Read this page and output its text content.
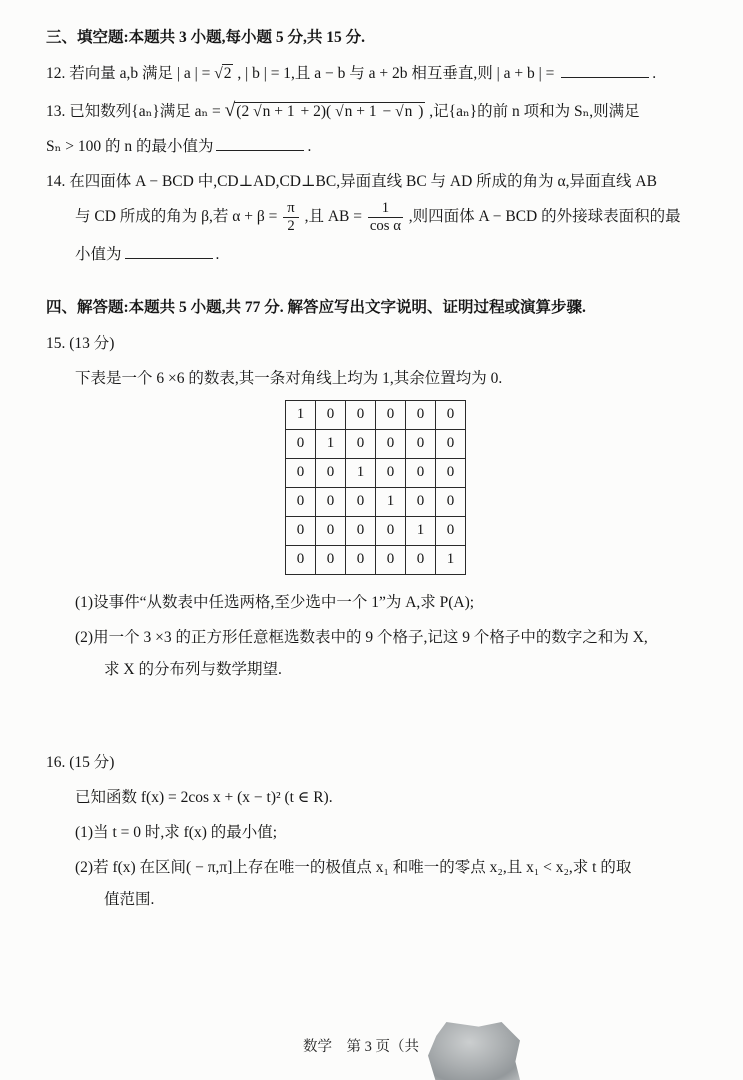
三、填空题:本题共 3 小题,每小题 5 分,共 15 分.

12. 若向量 a,b 满足 | a | = √2 , | b | = 1,且 a − b 与 a + 2b 相互垂直,则 | a + b | =	.

13. 已知数列{aₙ}满足 aₙ = √(2 √n + 1 + 2)( √n + 1 − √n ) ,记{aₙ}的前 n 项和为 Sₙ,则满足

Sₙ > 100 的 n 的最小值为	.

14. 在四面体 A − BCD 中,CD⊥AD,CD⊥BC,异面直线 BC 与 AD 所成的角为 α,异面直线 AB

与 CD 所成的角为 β,若 $\alpha + \beta = \frac{\pi}{2}$ ,且 AB = $\frac{1}{\text{cos α}}$ ,则四面体 A − BCD 的外接球表面积的最

小值为	.

四、解答题:本题共 5 小题,共 77 分. 解答应写出文字说明、证明过程或演算步骤.

15. (13 分)

下表是一个 6 ×6 的数表,其一条对角线上均为 1,其余位置均为 0.

1	0	0	0	0	0
0	1	0	0	0	0
0	0	1	0	0	0
0	0	0	1	0	0
0	0	0	0	1	0
0	0	0	0	0	1

(1)设事件“从数表中任选两格,至少选中一个 1”为 A,求 P(A);

(2)用一个 3 ×3 的正方形任意框选数表中的 9 个格子,记这 9 个格子中的数字之和为 X,

求 X 的分布列与数学期望.

16. (15 分)

已知函数 f(x) = 2cos x + (x − t)² (t ∈ R).

(1)当 t = 0 时,求 f(x) 的最小值;

(2)若 f(x) 在区间( − π,π]上存在唯一的极值点 x₁ 和唯一的零点 x₂,且 x₁ < x₂,求 t 的取

值范围.

数学　第 3 页（共
